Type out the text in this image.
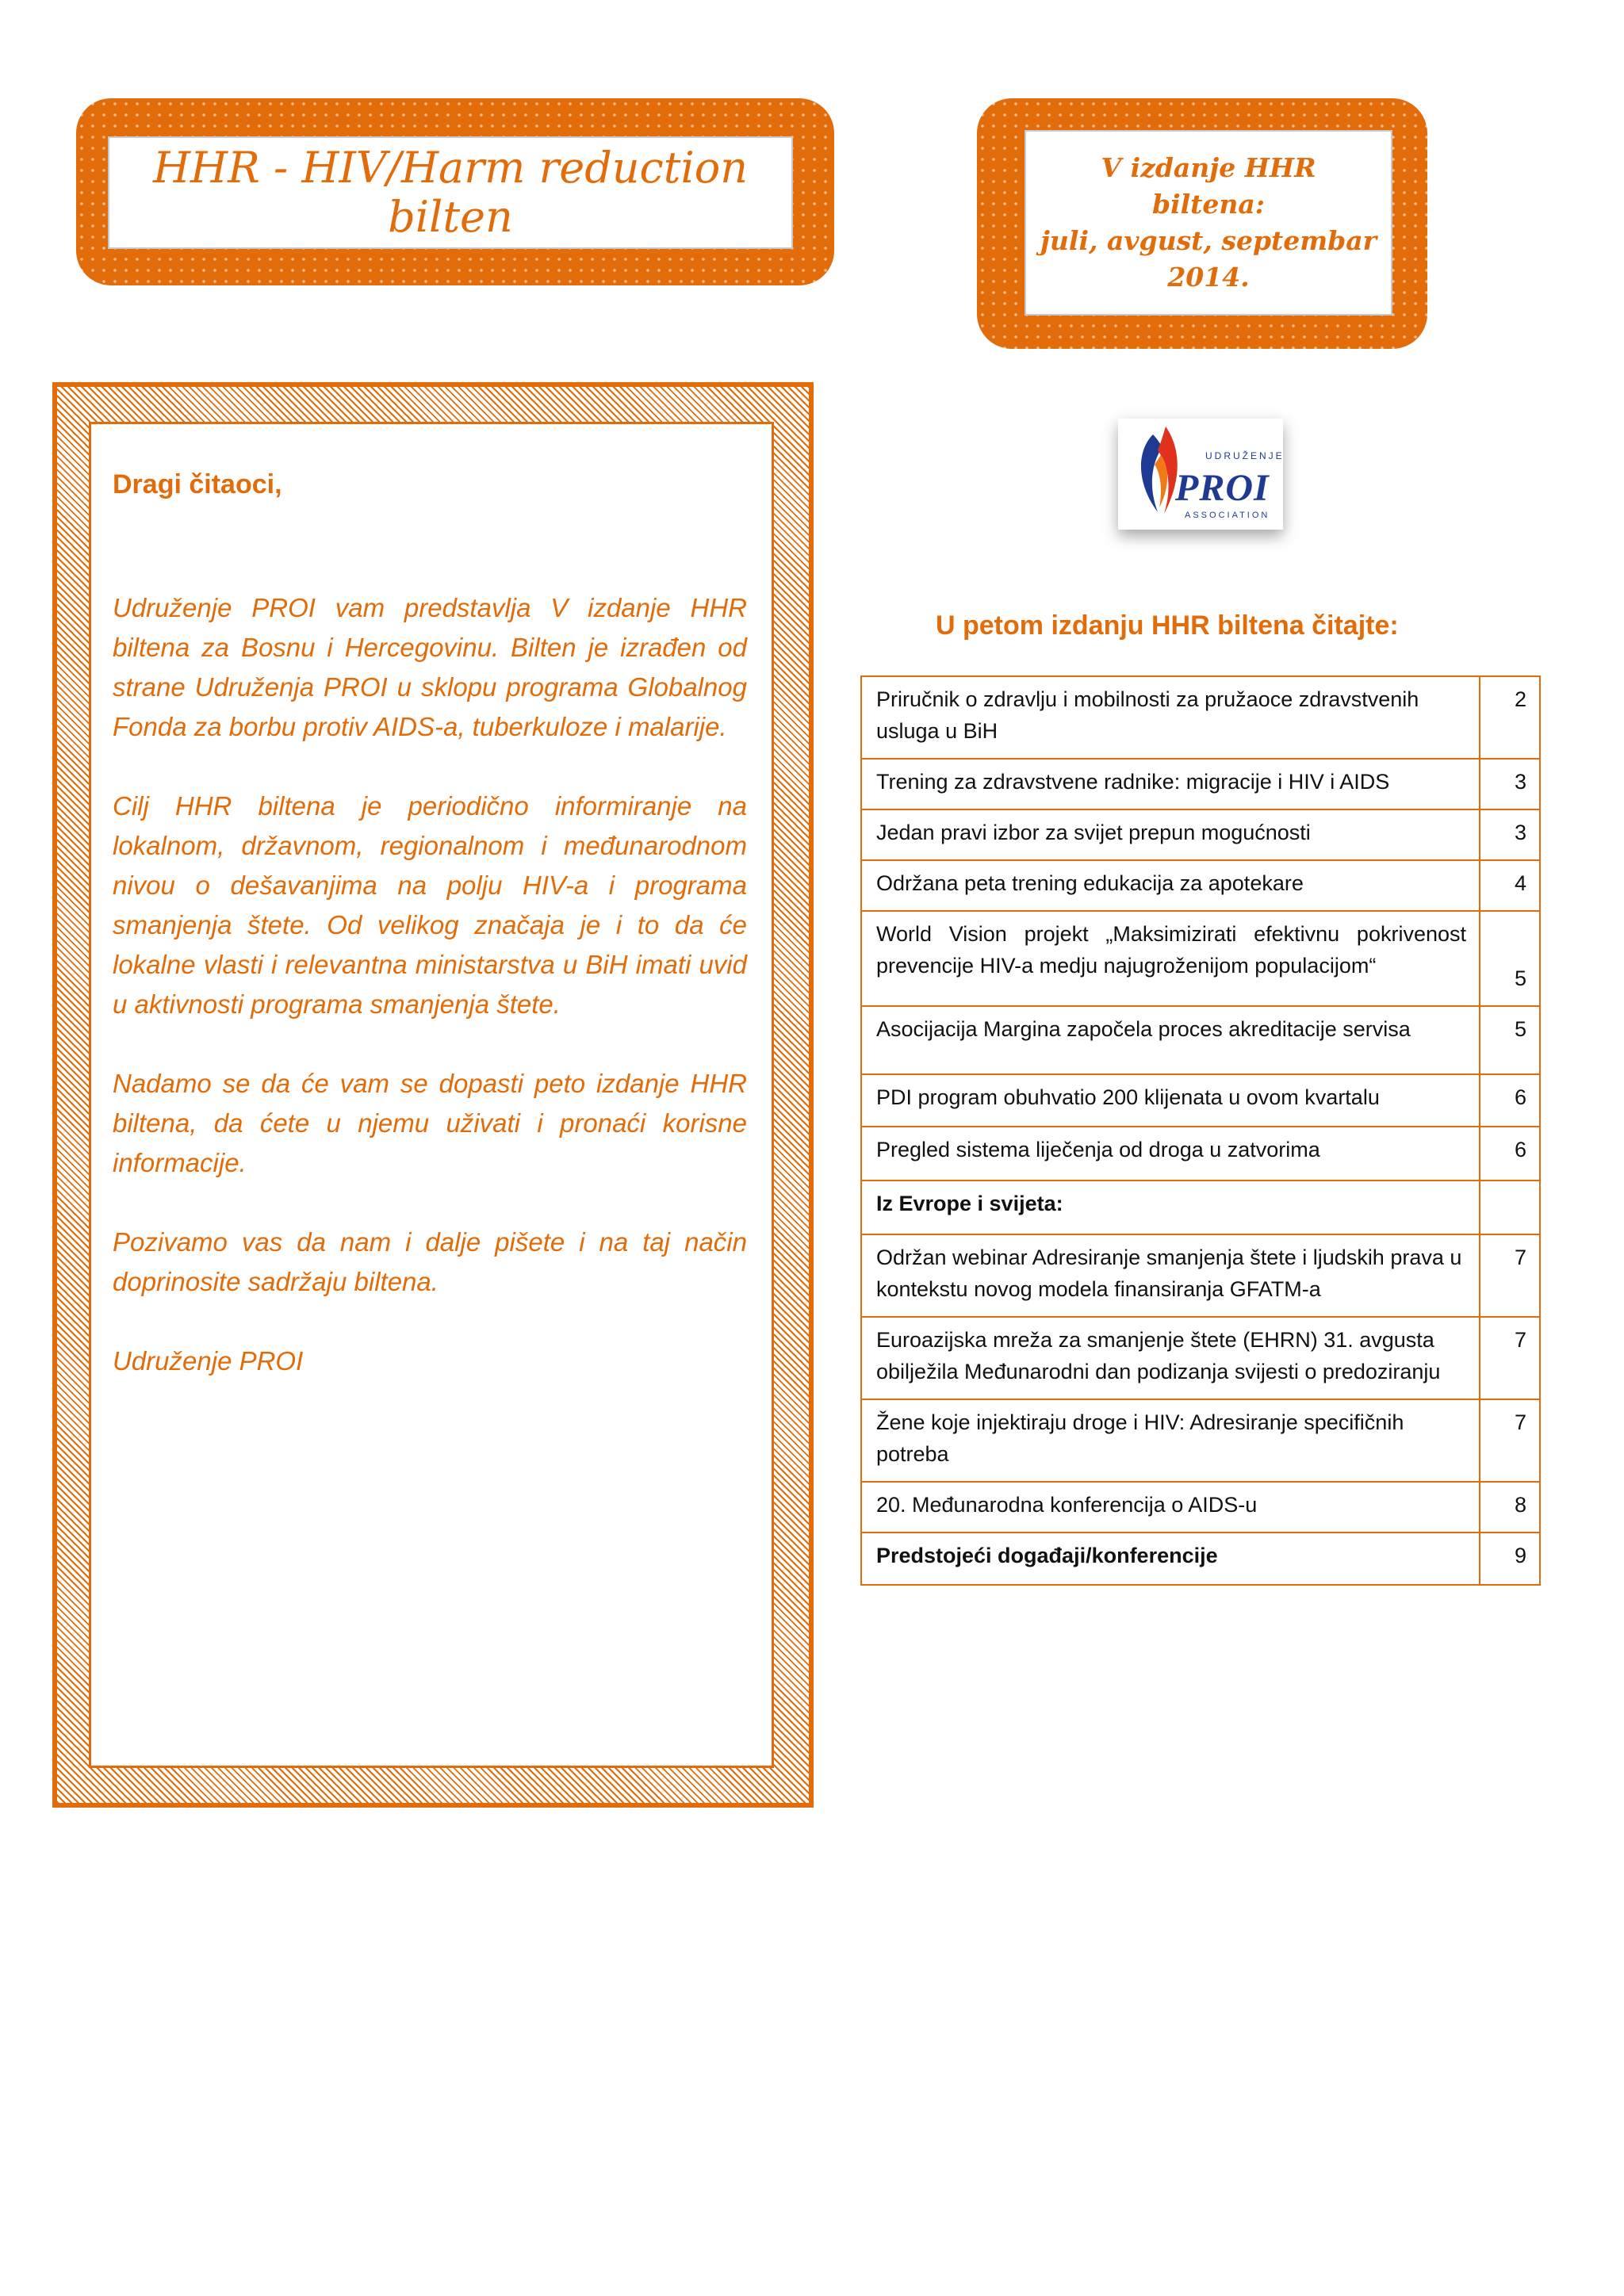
HHR - HIV/Harm reduction
bilten
V izdanje HHR
biltena:
juli, avgust, septembar
2014.
Dragi čitaoci,

Udruženje PROI vam predstavlja V izdanje HHR biltena za Bosnu i Hercegovinu. Bilten je izrađen od strane Udruženja PROI u sklopu programa Globalnog Fonda za borbu protiv AIDS-a, tuberkuloze i malarije.

Cilj HHR biltena je periodično informiranje na lokalnom, državnom, regionalnom i međunarodnom nivou o dešavanjima na polju HIV-a i programa smanjenja štete. Od velikog značaja je i to da će lokalne vlasti i relevantna ministarstva u BiH imati uvid u aktivnosti programa smanjenja štete.

Nadamo se da će vam se dopasti peto izdanje HHR biltena, da ćete u njemu uživati i pronaći korisne informacije.

Pozivamo vas da nam i dalje pišete i na taj način doprinosite sadržaju biltena.

Udruženje PROI

UDRUŽENJE
PROI
ASSOCIATION
U petom izdanju HHR biltena čitajte:
Priručnik o zdravlju i mobilnosti za pružaoce zdravstvenih usluga u BiH	2
Trening za zdravstvene radnike: migracije i HIV i AIDS	3
Jedan pravi izbor za svijet prepun mogućnosti	3
Održana peta trening edukacija za apotekare	4
World Vision projekt „Maksimizirati efektivnu pokrivenost prevencije HIV-a medju najugroženijom populacijom“	5
Asocijacija Margina započela proces akreditacije servisa	5
PDI program obuhvatio 200 klijenata u ovom kvartalu	6
Pregled sistema liječenja od droga u zatvorima	6
Iz Evrope i svijeta:	
Održan webinar Adresiranje smanjenja štete i ljudskih prava u kontekstu novog modela finansiranja GFATM-a	7
Euroazijska mreža za smanjenje štete (EHRN) 31. avgusta obilježila Međunarodni dan podizanja svijesti o predoziranju	7
Žene koje injektiraju droge i HIV: Adresiranje specifičnih potreba	7
20. Međunarodna konferencija o AIDS-u	8
Predstojeći događaji/konferencije	9
